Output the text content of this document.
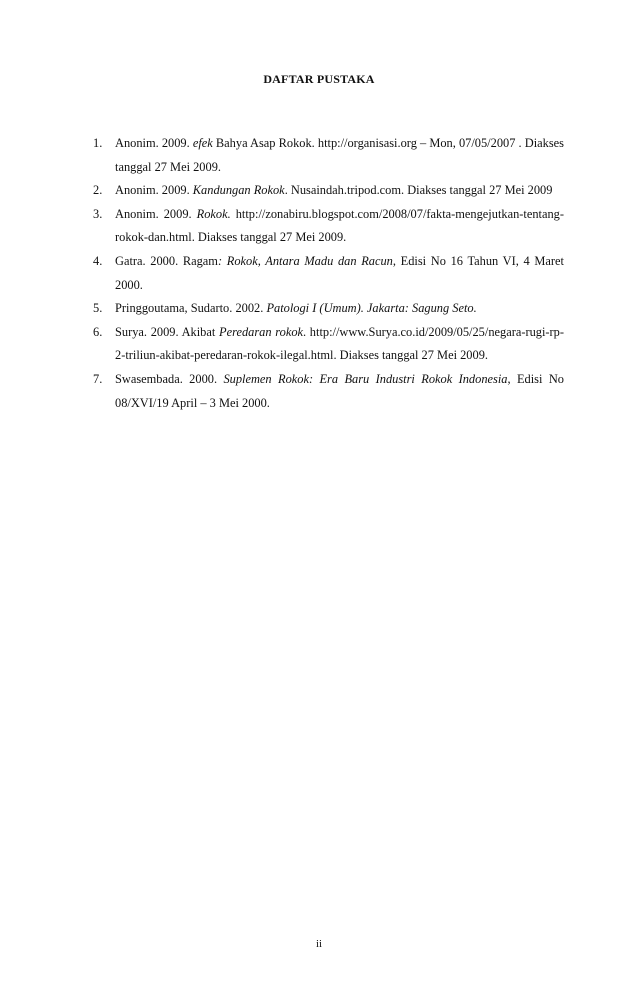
DAFTAR PUSTAKA
1. Anonim. 2009. efek Bahya Asap Rokok. http://organisasi.org – Mon, 07/05/2007 . Diakses tanggal 27 Mei 2009.
2. Anonim. 2009. Kandungan Rokok. Nusaindah.tripod.com. Diakses tanggal 27 Mei 2009
3. Anonim. 2009. Rokok. http://zonabiru.blogspot.com/2008/07/fakta-mengejutkan-tentang-rokok-dan.html. Diakses tanggal 27 Mei 2009.
4. Gatra. 2000. Ragam: Rokok, Antara Madu dan Racun, Edisi No 16 Tahun VI, 4 Maret 2000.
5. Pringgoutama, Sudarto. 2002. Patologi I (Umum). Jakarta: Sagung Seto.
6. Surya. 2009. Akibat Peredaran rokok. http://www.Surya.co.id/2009/05/25/negara-rugi-rp-2-triliun-akibat-peredaran-rokok-ilegal.html. Diakses tanggal 27 Mei 2009.
7. Swasembada. 2000. Suplemen Rokok: Era Baru Industri Rokok Indonesia, Edisi No 08/XVI/19 April – 3 Mei 2000.
ii
